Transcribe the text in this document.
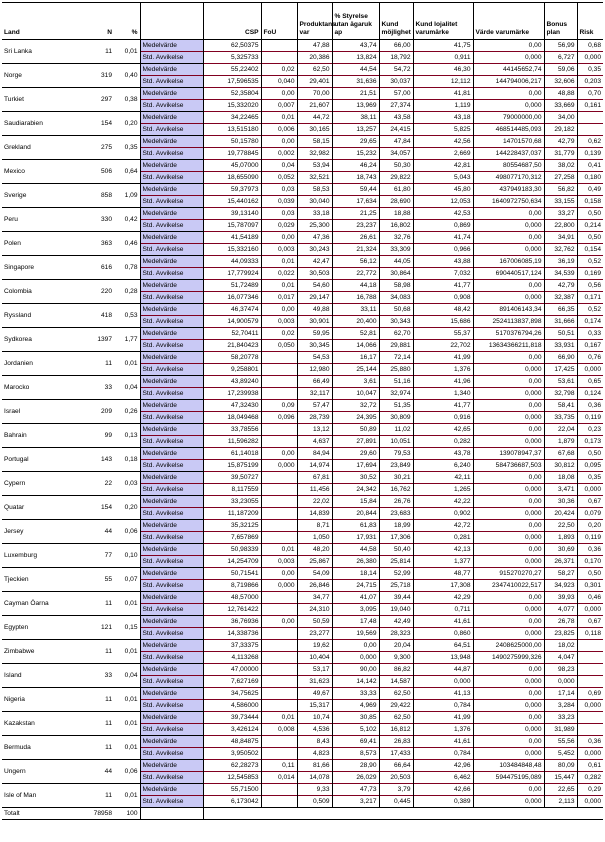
Land	N	%		CSP	FoU	Produktans var	% Styrelse utan ägaruk ap	Kund möjlighet	Kund lojalitet varumärke	Värde varumärke	Bonus plan	Risk
Sri Lanka	11	0,01	Medelvärde	62,50375		47,88	43,74	66,00	41,75	0,00	56,99	0,68
			Std. Avvikelse	5,325733		20,386	13,824	18,792	0,911	0,000	6,727	0,000
Norge	319	0,40	Medelvärde	55,22402	0,02	62,50	44,54	54,72	46,30	44145652,74	59,06	0,35
			Std. Avvikelse	17,596535	0,040	29,401	31,636	30,037	12,112	144794006,217	32,606	0,203
Turkiet	297	0,38	Medelvärde	52,35804	0,00	70,00	21,51	57,00	41,81	0,00	48,88	0,70
			Std. Avvikelse	15,332020	0,007	21,607	13,969	27,374	1,119	0,000	33,669	0,161
Saudiarabien	154	0,20	Medelvärde	34,22465	0,01	44,72	38,11	43,58	43,18	79000000,00	34,00	
			Std. Avvikelse	13,515180	0,006	30,165	13,257	24,415	5,825	468514485,093	29,182	
Grekland	275	0,35	Medelvärde	50,15780	0,00	58,15	29,65	47,84	42,56	14701570,68	42,79	0,62
			Std. Avvikelse	19,778845	0,002	32,982	15,232	34,057	2,669	144228437,037	31,779	0,139
Mexico	506	0,64	Medelvärde	45,07000	0,04	53,94	46,24	50,30	42,81	80554687,50	38,02	0,41
			Std. Avvikelse	18,655090	0,052	32,521	18,743	29,822	5,043	498077170,312	27,258	0,180
Sverige	858	1,09	Medelvärde	59,37973	0,03	58,53	59,44	61,80	45,80	437949183,30	56,82	0,49
			Std. Avvikelse	15,440162	0,039	30,040	17,634	28,690	12,053	1640972750,634	33,155	0,158
Peru	330	0,42	Medelvärde	39,13140	0,03	33,18	21,25	18,88	42,53	0,00	33,27	0,50
			Std. Avvikelse	15,787097	0,029	25,300	23,237	16,802	0,869	0,000	22,800	0,214
Polen	363	0,46	Medelvärde	41,54189	0,00	47,36	26,61	32,76	41,74	0,00	34,91	0,50
			Std. Avvikelse	15,332160	0,003	30,243	21,324	33,309	0,966	0,000	32,762	0,154
Singapore	616	0,78	Medelvärde	44,09333	0,01	42,47	56,12	44,05	43,88	167006085,19	36,19	0,52
			Std. Avvikelse	17,779924	0,022	30,503	22,772	30,864	7,032	690440517,124	34,539	0,169
Colombia	220	0,28	Medelvärde	51,72489	0,01	54,60	44,18	58,98	41,77	0,00	42,79	0,56
			Std. Avvikelse	16,077346	0,017	29,147	16,788	34,083	0,908	0,000	32,387	0,171
Ryssland	418	0,53	Medelvärde	46,37474	0,00	49,88	33,11	50,68	48,42	891406143,34	66,35	0,52
			Std. Avvikelse	14,900579	0,003	30,901	20,400	30,343	15,686	2524113837,898	31,666	0,174
Sydkorea	1397	1,77	Medelvärde	52,70411	0,02	59,95	52,81	62,70	55,37	5170376794,26	50,51	0,33
			Std. Avvikelse	21,840423	0,050	30,345	14,066	29,881	22,702	13634366211,818	33,931	0,167
Jordanien	11	0,01	Medelvärde	58,20778		54,53	16,17	72,14	41,99	0,00	66,90	0,76
			Std. Avvikelse	9,258801		12,980	25,144	25,880	1,376	0,000	17,425	0,000
Marocko	33	0,04	Medelvärde	43,89240		66,49	3,61	51,16	41,96	0,00	53,61	0,65
			Std. Avvikelse	17,239938		32,117	10,047	32,974	1,340	0,000	32,798	0,124
Israel	209	0,26	Medelvärde	47,32430	0,09	57,47	32,72	51,35	41,77	0,00	58,41	0,36
			Std. Avvikelse	18,049468	0,096	28,739	24,395	30,809	0,916	0,000	33,735	0,119
Bahrain	99	0,13	Medelvärde	33,78556		13,12	50,89	11,02	42,65	0,00	22,04	0,23
			Std. Avvikelse	11,596282		4,637	27,891	10,051	0,282	0,000	1,879	0,173
Portugal	143	0,18	Medelvärde	61,14018	0,00	84,94	29,60	79,53	43,78	139078947,37	67,68	0,50
			Std. Avvikelse	15,875199	0,000	14,974	17,694	23,849	6,240	584736687,503	30,812	0,095
Cypern	22	0,03	Medelvärde	39,50727		67,81	30,52	30,21	42,11	0,00	18,08	0,35
			Std. Avvikelse	8,117559		11,456	24,342	16,762	1,265	0,000	3,471	0,000
Quatar	154	0,20	Medelvärde	33,23055		22,02	15,84	26,76	42,22	0,00	30,36	0,67
			Std. Avvikelse	11,187209		14,839	20,844	23,683	0,902	0,000	20,424	0,079
Jersey	44	0,06	Medelvärde	35,32125		8,71	61,83	18,99	42,72	0,00	22,50	0,20
			Std. Avvikelse	7,657869		1,050	17,931	17,306	0,281	0,000	1,893	0,119
Luxemburg	77	0,10	Medelvärde	50,98339	0,01	48,20	44,58	50,40	42,13	0,00	30,69	0,36
			Std. Avvikelse	14,254709	0,003	25,867	26,380	25,814	1,377	0,000	26,371	0,170
Tjeckien	55	0,07	Medelvärde	50,71541	0,00	54,09	18,14	52,99	48,77	915270270,27	58,27	0,50
			Std. Avvikelse	8,719866	0,000	26,846	24,715	25,718	17,308	2347410022,517	34,923	0,301
Cayman Öarna	11	0,01	Medelvärde	48,57000		34,77	41,07	39,44	42,29	0,00	39,93	0,46
			Std. Avvikelse	12,761422		24,310	3,095	19,040	0,711	0,000	4,077	0,000
Egypten	121	0,15	Medelvärde	36,76936	0,00	50,59	17,48	42,49	41,61	0,00	26,78	0,67
			Std. Avvikelse	14,338736		23,277	19,569	28,323	0,860	0,000	23,825	0,118
Zimbabwe	11	0,01	Medelvärde	37,33375		19,62	0,00	20,04	64,51	2408625000,00	18,02	
			Std. Avvikelse	4,113268		10,404	0,000	9,300	13,948	1490275999,326	4,047	
Island	33	0,04	Medelvärde	47,00000		53,17	90,00	86,82	44,87	0,00	98,23	
			Std. Avvikelse	7,627169		31,623	14,142	14,587	0,000	0,000	0,000	
Nigeria	11	0,01	Medelvärde	34,75625		49,67	33,33	62,50	41,13	0,00	17,14	0,69
			Std. Avvikelse	4,586000		15,317	4,969	29,422	0,784	0,000	3,284	0,000
Kazakstan	11	0,01	Medelvärde	39,73444	0,01	10,74	30,85	62,50	41,99	0,00	33,23	
			Std. Avvikelse	3,426124	0,008	4,536	5,102	16,812	1,376	0,000	31,989	
Bermuda	11	0,01	Medelvärde	48,84875		8,43	69,41	26,83	41,61	0,00	55,56	0,36
			Std. Avvikelse	3,950502		4,823	8,573	17,433	0,784	0,000	5,452	0,000
Ungern	44	0,06	Medelvärde	62,28273	0,11	81,66	28,90	66,64	42,96	103484848,48	80,09	0,61
			Std. Avvikelse	12,545853	0,014	14,078	26,029	20,503	6,462	594475195,089	15,447	0,282
Isle of Man	11	0,01	Medelvärde	55,71500		9,33	47,73	3,79	42,66	0,00	22,65	0,29
			Std. Avvikelse	6,173042		0,509	3,217	0,445	0,389	0,000	2,113	0,000
Totalt	78958	100										
